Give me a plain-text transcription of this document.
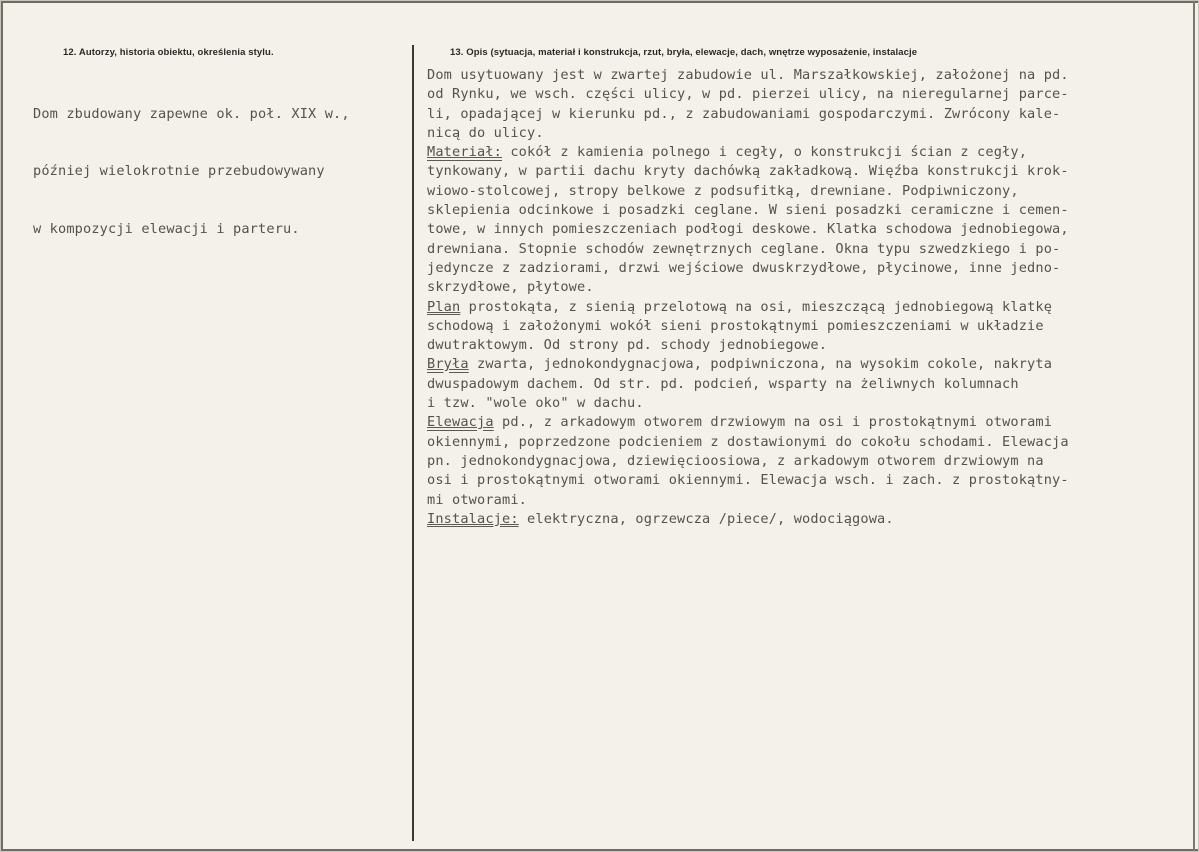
12. Autorzy, historia obiektu, określenia stylu.	13. Opis (sytuacja, materiał i konstrukcja, rzut, bryła, elewacje, dach, wnętrze wyposażenie, instalacje

Dom zbudowany zapewne ok. poł. XIX w.,

później wielokrotnie przebudowywany

w kompozycji elewacji i parteru.

Dom usytuowany jest w zwartej zabudowie ul. Marszałkowskiej, założonej na pd.
od Rynku, we wsch. części ulicy, w pd. pierzei ulicy, na nieregularnej parce-
li, opadającej w kierunku pd., z zabudowaniami gospodarczymi. Zwrócony kale-
nicą do ulicy.
Materiał: cokół z kamienia polnego i cegły, o konstrukcji ścian z cegły,
tynkowany, w partii dachu kryty dachówką zakładkową. Więźba konstrukcji krok-
wiowo-stolcowej, stropy belkowe z podsufitką, drewniane. Podpiwniczony,
sklepienia odcinkowe i posadzki ceglane. W sieni posadzki ceramiczne i cemen-
towe, w innych pomieszczeniach podłogi deskowe. Klatka schodowa jednobiegowa,
drewniana. Stopnie schodów zewnętrznych ceglane. Okna typu szwedzkiego i po-
jedyncze z zadziorami, drzwi wejściowe dwuskrzydłowe, płycinowe, inne jedno-
skrzydłowe, płytowe.
Plan prostokąta, z sienią przelotową na osi, mieszczącą jednobiegową klatkę
schodową i założonymi wokół sieni prostokątnymi pomieszczeniami w układzie
dwutraktowym. Od strony pd. schody jednobiegowe.
Bryła zwarta, jednokondygnacjowa, podpiwniczona, na wysokim cokole, nakryta
dwuspadowym dachem. Od str. pd. podcień, wsparty na żeliwnych kolumnach
i tzw. "wole oko" w dachu.
Elewacja pd., z arkadowym otworem drzwiowym na osi i prostokątnymi otworami
okiennymi, poprzedzone podcieniem z dostawionymi do cokołu schodami. Elewacja
pn. jednokondygnacjowa, dziewięcioosiowa, z arkadowym otworem drzwiowym na
osi i prostokątnymi otworami okiennymi. Elewacja wsch. i zach. z prostokątny-
mi otworami.
Instalacje: elektryczna, ogrzewcza /piece/, wodociągowa.
